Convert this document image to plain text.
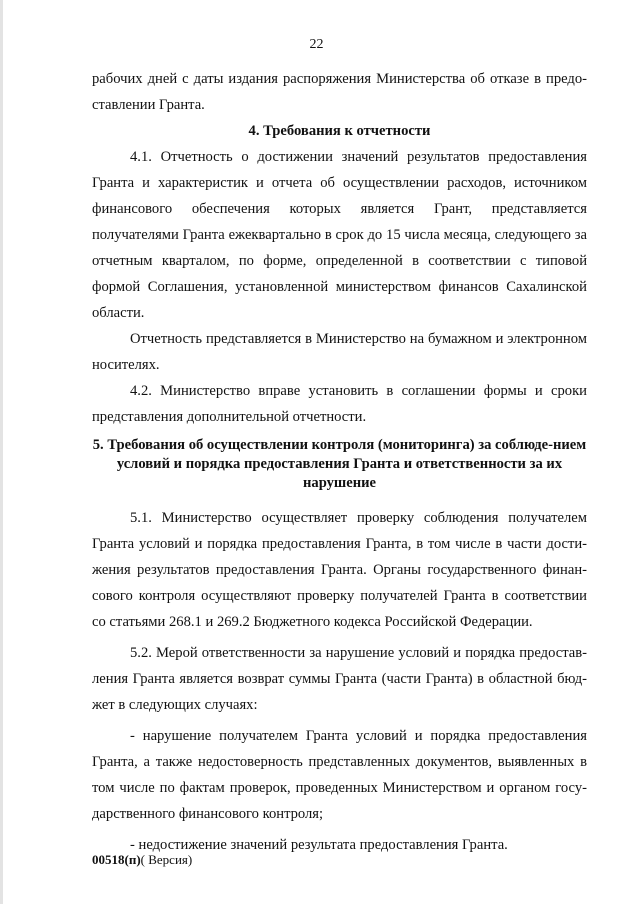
22

рабочих дней с даты издания распоряжения Министерства об отказе в предо-ставлении Гранта.

4. Требования к отчетности

4.1. Отчетность о достижении значений результатов предоставления Гранта и характеристик и отчета об осуществлении расходов, источником финансового обеспечения которых является Грант, представляется получателями Гранта ежеквартально в срок до 15 числа месяца, следующего за отчетным кварталом, по форме, определенной в соответствии с типовой формой Соглашения, установленной министерством финансов Сахалинской области.

Отчетность представляется в Министерство на бумажном и электронном носителях.

4.2. Министерство вправе установить в соглашении формы и сроки представления дополнительной отчетности.

5. Требования об осуществлении контроля (мониторинга) за соблюде-нием условий и порядка предоставления Гранта и ответственности за их нарушение

5.1. Министерство осуществляет проверку соблюдения получателем Гранта условий и порядка предоставления Гранта, в том числе в части дости-жения результатов предоставления Гранта. Органы государственного финан-сового контроля осуществляют проверку получателей Гранта в соответствии со статьями 268.1 и 269.2 Бюджетного кодекса Российской Федерации.

5.2. Мерой ответственности за нарушение условий и порядка предостав-ления Гранта является возврат суммы Гранта (части Гранта) в областной бюд-жет в следующих случаях:

- нарушение получателем Гранта условий и порядка предоставления Гранта, а также недостоверность представленных документов, выявленных в том числе по фактам проверок, проведенных Министерством и органом госу-дарственного финансового контроля;

- недостижение значений результата предоставления Гранта.

00518(п)( Версия)
